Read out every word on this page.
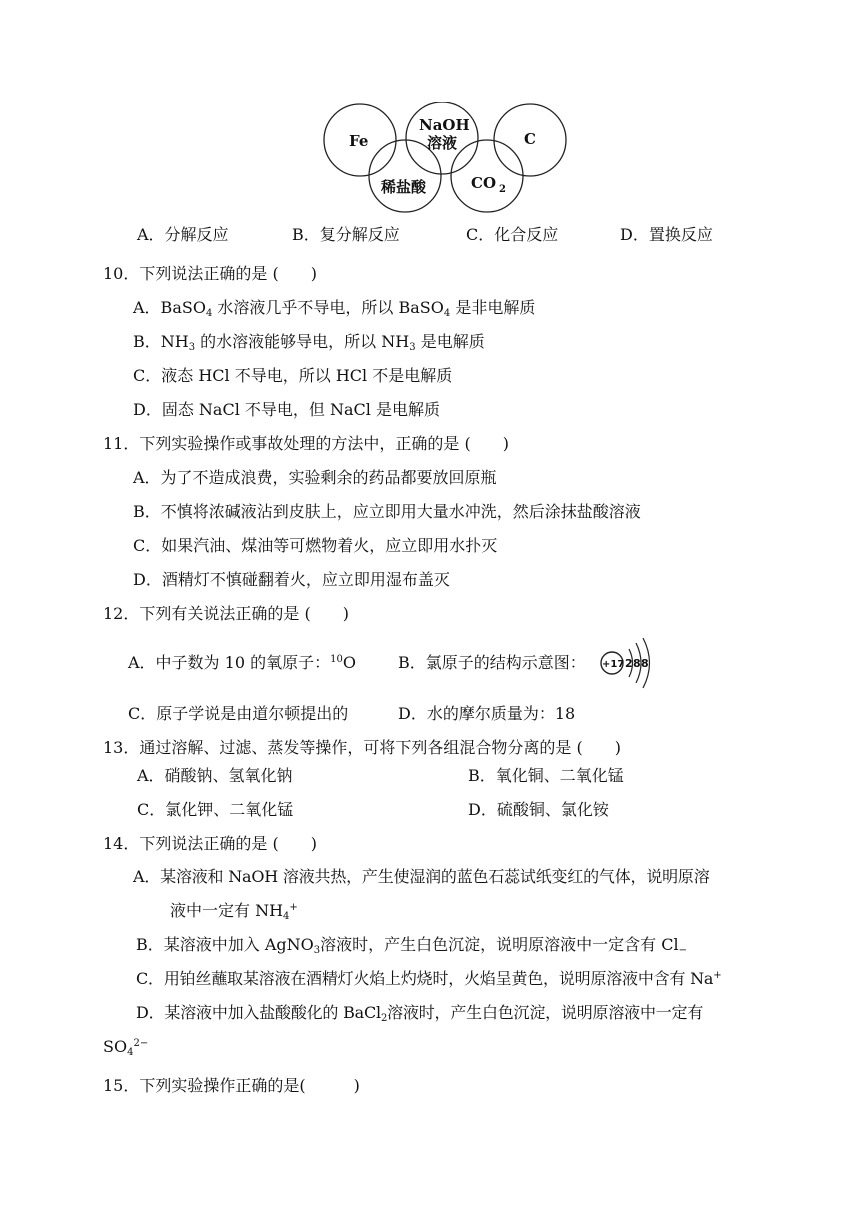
Fe
NaOH
溶液	C
稀盐酸	CO 2
A．分解反应	B．复分解反应	C．化合反应	D．置换反应
10．下列说法正确的是 (　　)
A．BaSO$_4$ 水溶液几乎不导电，所以 BaSO$_4$ 是非电解质
B．$NH_3$ 的水溶液能够导电，所以 $NH_3$ 是电解质
C．液态 HCl 不导电，所以 HCl 不是电解质
D．固态 NaCl 不导电，但 NaCl 是电解质
11．下列实验操作或事故处理的方法中，正确的是 (　　)
A．为了不造成浪费，实验剩余的药品都要放回原瓶
B．不慎将浓碱液沾到皮肤上，应立即用大量水冲洗，然后涂抹盐酸溶液
C．如果汽油、煤油等可燃物着火，应立即用水扑灭
D．酒精灯不慎碰翻着火，应立即用湿布盖灭
12．下列有关说法正确的是 (　　)
A．中子数为 10 的氧原子：$^{10}$O	B．氯原子的结构示意图： +17 2 8 8
C．原子学说是由道尔顿提出的	D．水的摩尔质量为：18
13．通过溶解、过滤、蒸发等操作，可将下列各组混合物分离的是 (　　)
A．硝酸钠、氢氧化钠	B．氧化铜、二氧化锰
C．氯化钾、二氧化锰	D．硫酸铜、氯化铵
14．下列说法正确的是 (　　)
A．某溶液和 NaOH 溶液共热，产生使湿润的蓝色石蕊试纸变红的气体，说明原溶
液中一定有 $NH_4^+$
B．某溶液中加入 AgNO$_3$溶液时，产生白色沉淀，说明原溶液中一定含有 $Cl_-$
C．用铂丝蘸取某溶液在酒精灯火焰上灼烧时，火焰呈黄色，说明原溶液中含有 Na+
D．某溶液中加入盐酸酸化的 BaCl$_2$溶液时，产生白色沉淀，说明原溶液中一定有
$SO_4^{2-}$
15．下列实验操作正确的是(　　　)
